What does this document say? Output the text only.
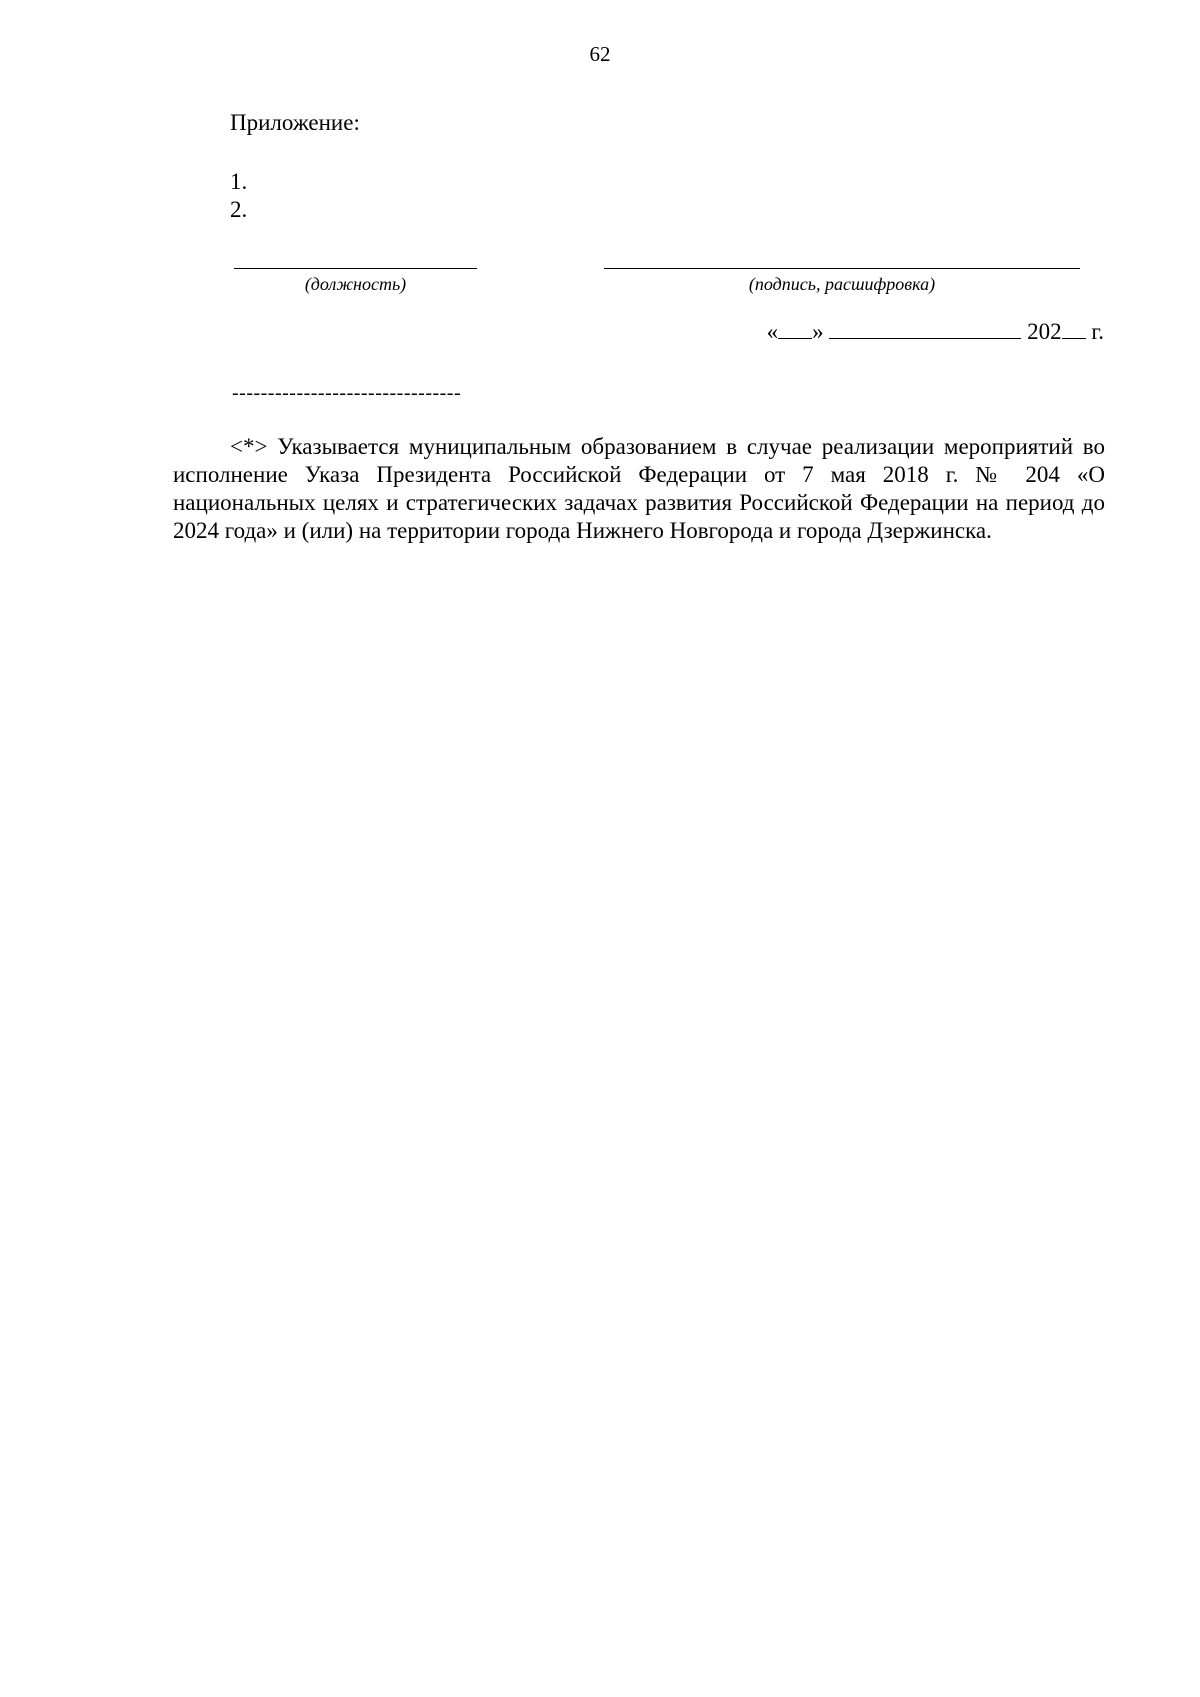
62
Приложение:
1.
2.
(должность)	(подпись, расшифровка)
« »	202 г.
--------------------------------

<*> Указывается муниципальным образованием в случае реализации мероприятий во исполнение Указа Президента Российской Федерации от 7 мая 2018 г. № 204 «О национальных целях и стратегических задачах развития Российской Федерации на период до 2024 года» и (или) на территории города Нижнего Новгорода и города Дзержинска.
